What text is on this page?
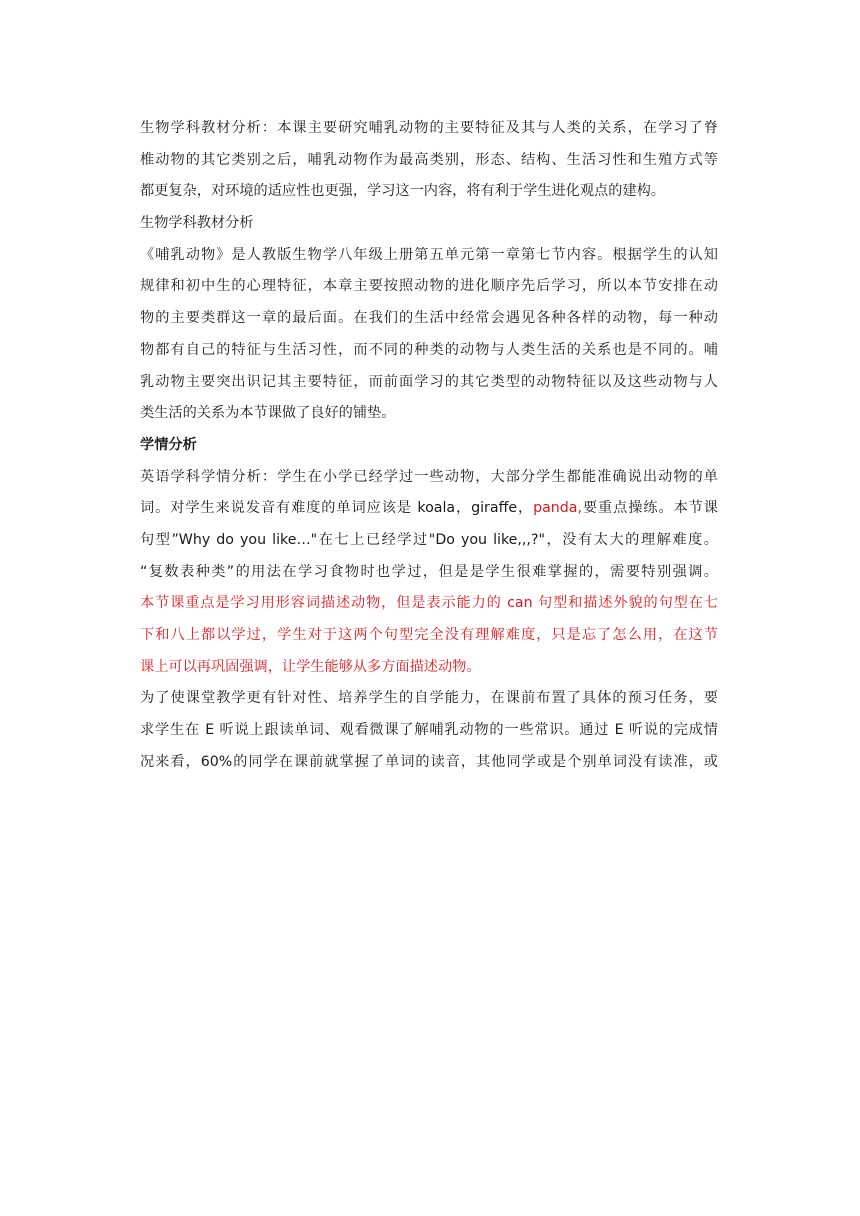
生物学科教材分析：本课主要研究哺乳动物的主要特征及其与人类的关系，在学习了脊
椎动物的其它类别之后，哺乳动物作为最高类别，形态、结构、生活习性和生殖方式等
都更复杂，对环境的适应性也更强，学习这一内容，将有利于学生进化观点的建构。
生物学科教材分析
《哺乳动物》是人教版生物学八年级上册第五单元第一章第七节内容。根据学生的认知
规律和初中生的心理特征，本章主要按照动物的进化顺序先后学习，所以本节安排在动
物的主要类群这一章的最后面。在我们的生活中经常会遇见各种各样的动物，每一种动
物都有自己的特征与生活习性，而不同的种类的动物与人类生活的关系也是不同的。哺
乳动物主要突出识记其主要特征，而前面学习的其它类型的动物特征以及这些动物与人
类生活的关系为本节课做了良好的铺垫。
学情分析
英语学科学情分析：学生在小学已经学过一些动物，大部分学生都能准确说出动物的单
词。对学生来说发音有难度的单词应该是 koala，giraffe，panda,要重点操练。本节课
句型”Why do you like…"在七上已经学过"Do you like,,,?"，没有太大的理解难度。
“复数表种类”的用法在学习食物时也学过，但是是学生很难掌握的，需要特别强调。
本节课重点是学习用形容词描述动物，但是表示能力的 can 句型和描述外貌的句型在七
下和八上都以学过，学生对于这两个句型完全没有理解难度，只是忘了怎么用，在这节
课上可以再巩固强调，让学生能够从多方面描述动物。
为了使课堂教学更有针对性、培养学生的自学能力，在课前布置了具体的预习任务，要
求学生在 E 听说上跟读单词、观看微课了解哺乳动物的一些常识。通过 E 听说的完成情
况来看，60%的同学在课前就掌握了单词的读音，其他同学或是个别单词没有读准，或
